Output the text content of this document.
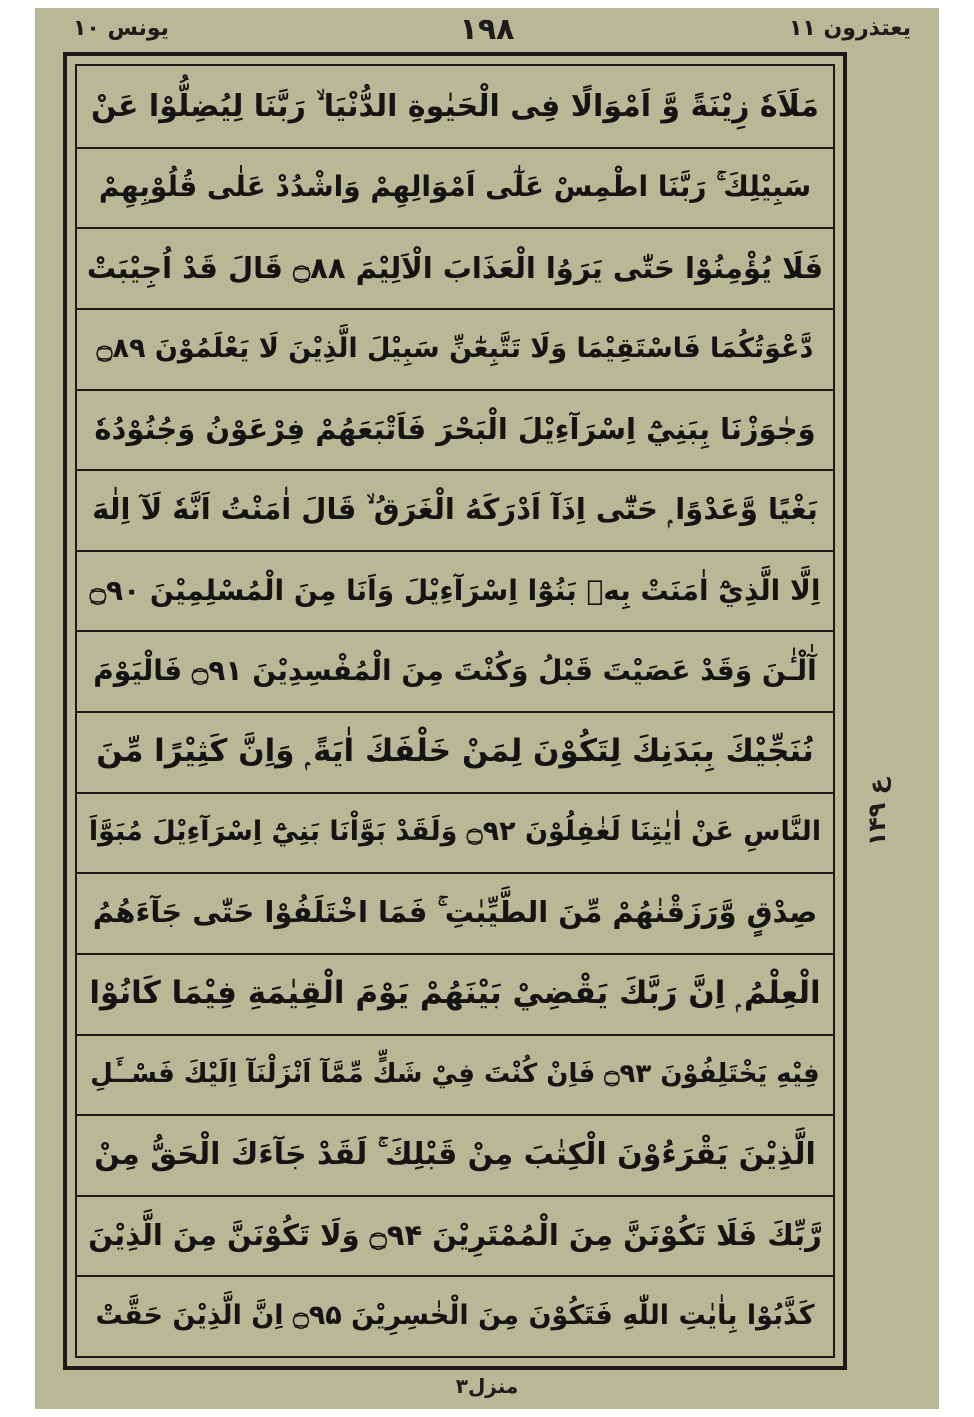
یعتذرون ۱۱
۱۹۸
یونس ۱۰
مَلَاَهٗ زِيْنَةً وَّ اَمْوَالًا فِى الْحَيٰوةِ الدُّنْيَا ۙ رَبَّنَا لِيُضِلُّوْا عَنْ
سَبِيْلِكَ ۚ رَبَّنَا اطْمِسْ عَلٰٓى اَمْوَالِهِمْ وَاشْدُدْ عَلٰى قُلُوْبِهِمْ
فَلَا يُؤْمِنُوْا حَتّٰى يَرَوُا الْعَذَابَ الْاَلِيْمَ ۝۸۸ قَالَ قَدْ اُجِيْبَتْ
دَّعْوَتُكُمَا فَاسْتَقِيْمَا وَلَا تَتَّبِعٰٓنِّ سَبِيْلَ الَّذِيْنَ لَا يَعْلَمُوْنَ ۝۸۹
وَجٰوَزْنَا بِبَنِيْٓ اِسْرَآءِيْلَ الْبَحْرَ فَاَتْبَعَهُمْ فِرْعَوْنُ وَجُنُوْدُهٗ
بَغْيًا وَّعَدْوًا ۭ حَتّٰٓى اِذَآ اَدْرَكَهُ الْغَرَقُ ۙ قَالَ اٰمَنْتُ اَنَّهٗ لَآ اِلٰهَ
اِلَّا الَّذِيْٓ اٰمَنَتْ بِهٖ بَنُوْٓا اِسْرَآءِيْلَ وَاَنَا مِنَ الْمُسْلِمِيْنَ ۝۹۰
آٰلْـٰٔنَ وَقَدْ عَصَيْتَ قَبْلُ وَكُنْتَ مِنَ الْمُفْسِدِيْنَ ۝۹۱ فَالْيَوْمَ
نُنَجِّيْكَ بِبَدَنِكَ لِتَكُوْنَ لِمَنْ خَلْفَكَ اٰيَةً ۭ وَاِنَّ كَثِيْرًا مِّنَ
النَّاسِ عَنْ اٰيٰتِنَا لَغٰفِلُوْنَ ۝۹۲ وَلَقَدْ بَوَّاْنَا بَنِيْٓ اِسْرَآءِيْلَ مُبَوَّاَ
صِدْقٍ وَّرَزَقْنٰهُمْ مِّنَ الطَّيِّبٰتِ ۚ فَمَا اخْتَلَفُوْا حَتّٰى جَآءَهُمُ
الْعِلْمُ ۭ اِنَّ رَبَّكَ يَقْضِيْ بَيْنَهُمْ يَوْمَ الْقِيٰمَةِ فِيْمَا كَانُوْا
فِيْهِ يَخْتَلِفُوْنَ ۝۹۳ فَاِنْ كُنْتَ فِيْ شَكٍّ مِّمَّآ اَنْزَلْنَآ اِلَيْكَ فَسْــَٔلِ
الَّذِيْنَ يَقْرَءُوْنَ الْكِتٰبَ مِنْ قَبْلِكَ ۚ لَقَدْ جَآءَكَ الْحَقُّ مِنْ
رَّبِّكَ فَلَا تَكُوْنَنَّ مِنَ الْمُمْتَرِيْنَ ۝۹۴ وَلَا تَكُوْنَنَّ مِنَ الَّذِيْنَ
كَذَّبُوْا بِاٰيٰتِ اللّٰهِ فَتَكُوْنَ مِنَ الْخٰسِرِيْنَ ۝۹۵ اِنَّ الَّذِيْنَ حَقَّتْ
ع ۹
۱۴
منزل۳
